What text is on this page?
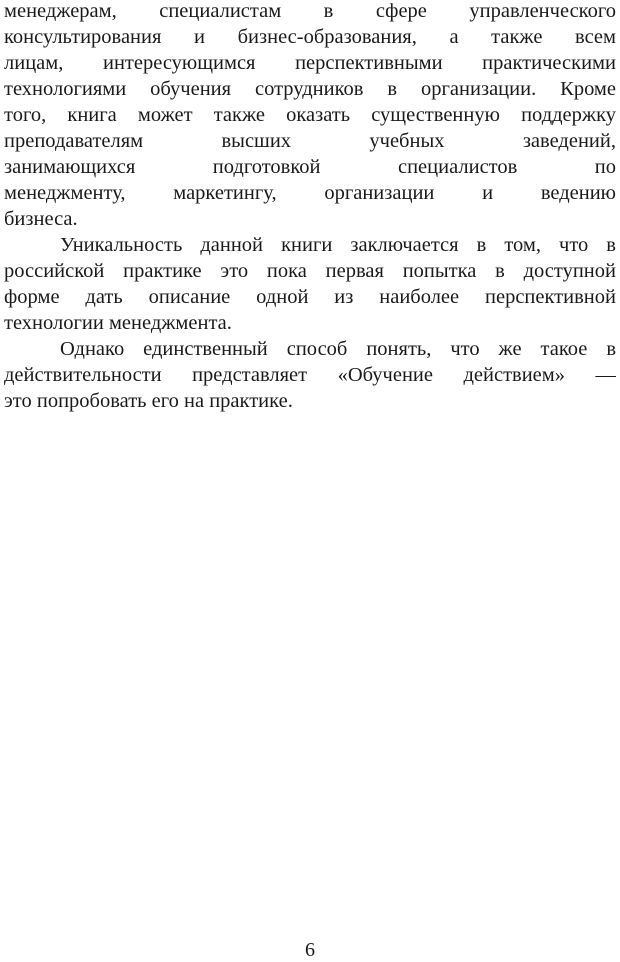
менеджерам, специалистам в сфере управленческого
консультирования и бизнес-образования, а также всем
лицам, интересующимся перспективными практическими
технологиями обучения сотрудников в организации. Кроме
того, книга может также оказать существенную поддержку
преподавателям высших учебных заведений,
занимающихся подготовкой специалистов по
менеджменту, маркетингу, организации и ведению
бизнеса.
Уникальность данной книги заключается в том, что в
российской практике это пока первая попытка в доступной
форме дать описание одной из наиболее перспективной
технологии менеджмента.
Однако единственный способ понять, что же такое в
действительности представляет «Обучение действием» —
это попробовать его на практике.
6
